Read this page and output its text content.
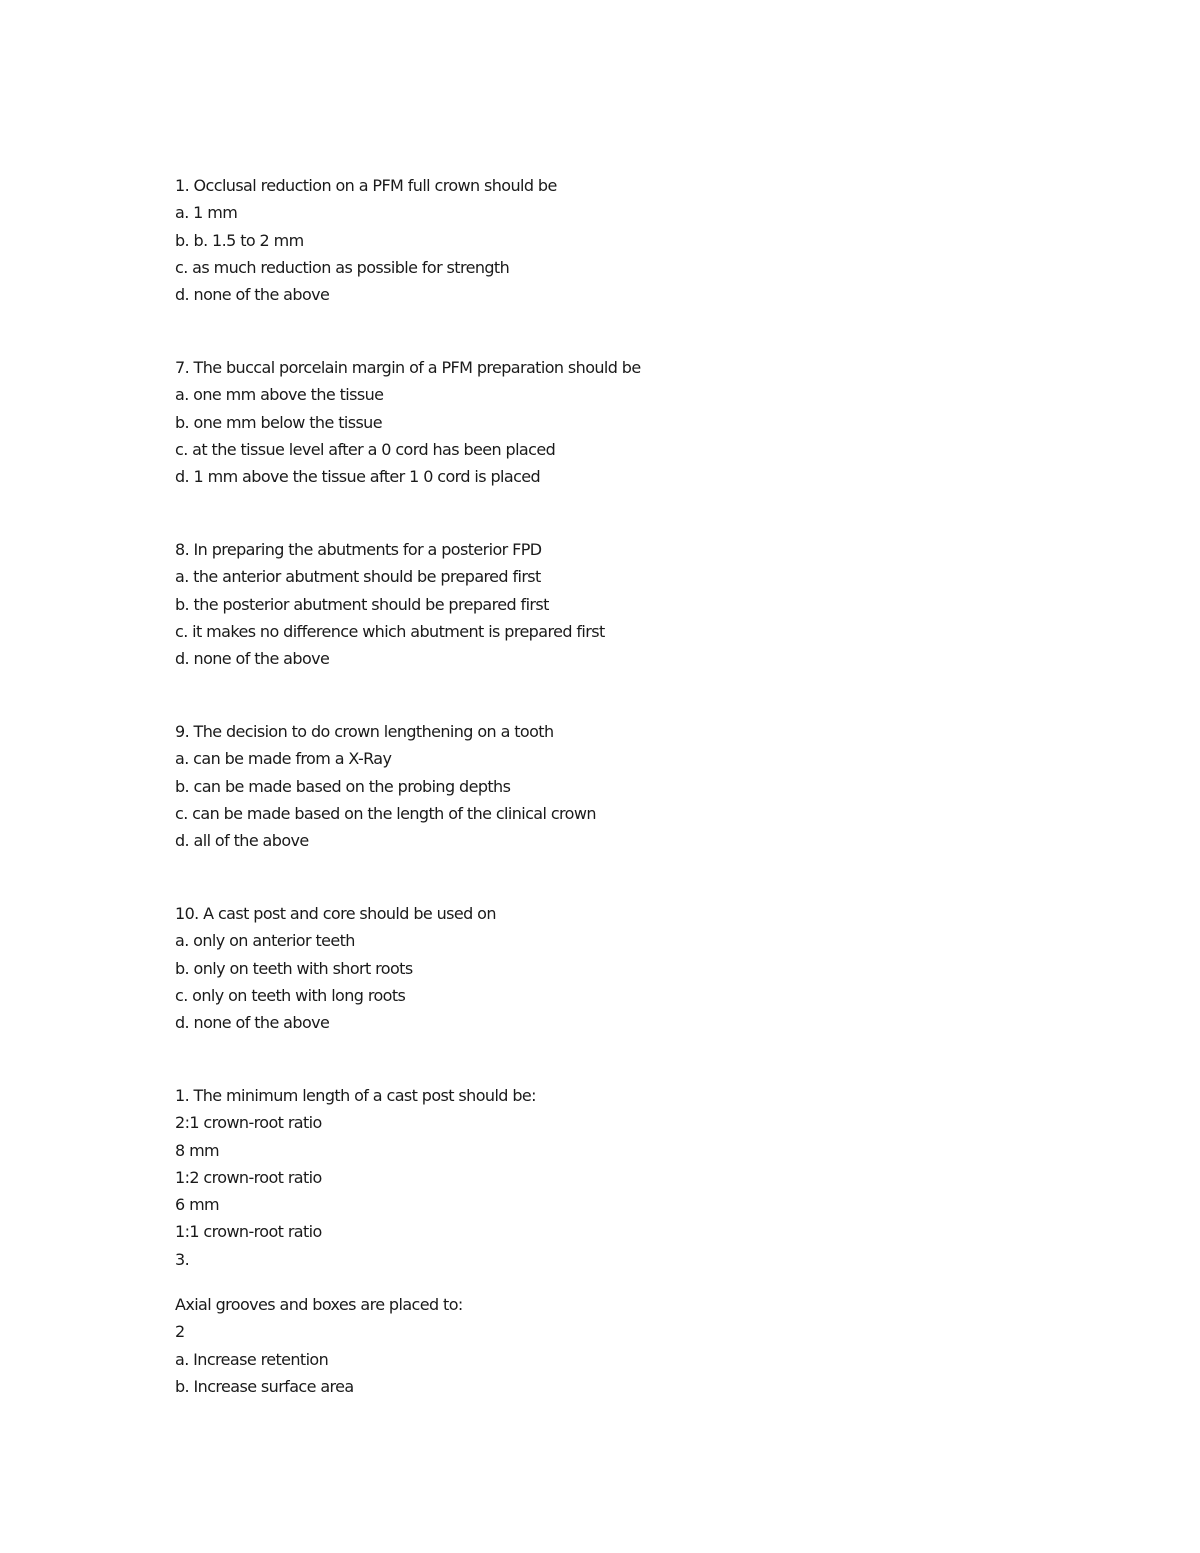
1. Occlusal reduction on a PFM full crown should be
a. 1 mm
b. b. 1.5 to 2 mm
c. as much reduction as possible for strength
d. none of the above
7. The buccal porcelain margin of a PFM preparation should be
a. one mm above the tissue
b. one mm below the tissue
c. at the tissue level after a 0 cord has been placed
d. 1 mm above the tissue after 1 0 cord is placed
8. In preparing the abutments for a posterior FPD
a. the anterior abutment should be prepared first
b. the posterior abutment should be prepared first
c. it makes no difference which abutment is prepared first
d. none of the above
9. The decision to do crown lengthening on a tooth
a. can be made from a X-Ray
b. can be made based on the probing depths
c. can be made based on the length of the clinical crown
d. all of the above
10. A cast post and core should be used on
a. only on anterior teeth
b. only on teeth with short roots
c. only on teeth with long roots
d. none of the above
1. The minimum length of a cast post should be:
2:1 crown-root ratio
8 mm
1:2 crown-root ratio
6 mm
1:1 crown-root ratio
3.
Axial grooves and boxes are placed to:
2
a. Increase retention
b. Increase surface area
